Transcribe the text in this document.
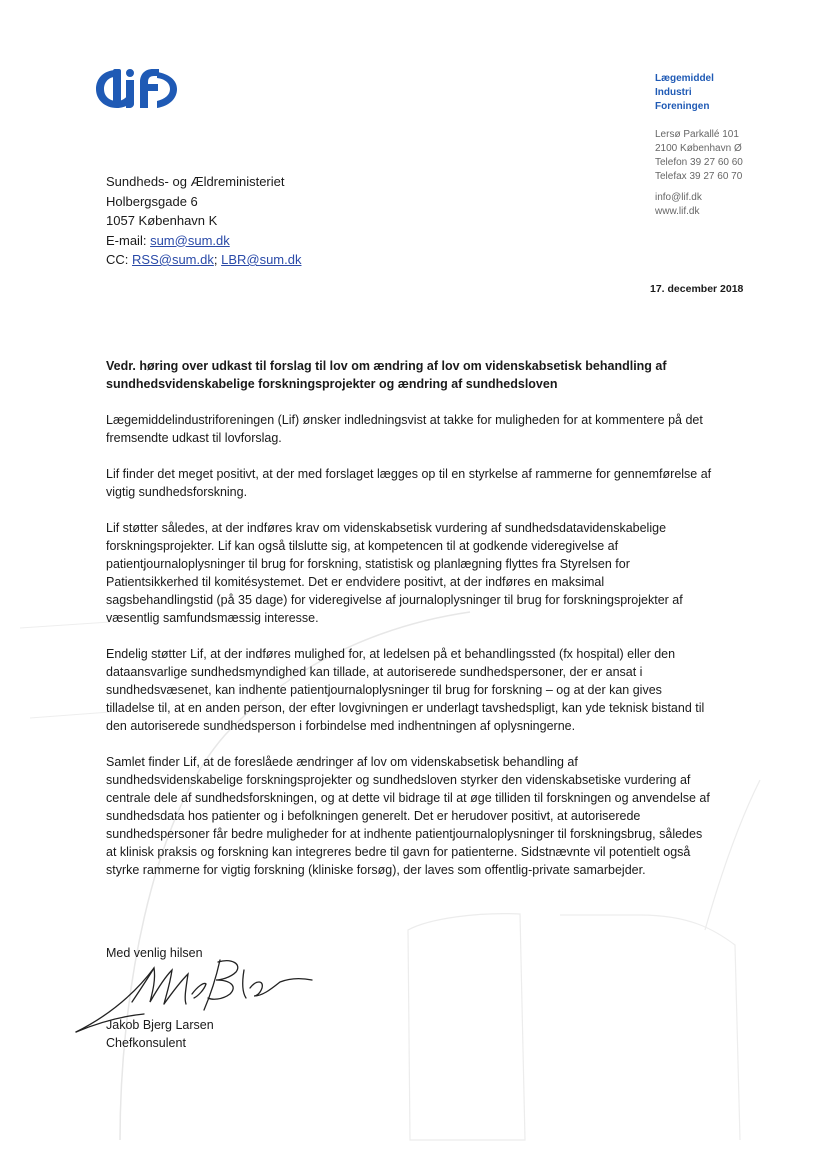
Lægemiddel
Industri
Foreningen
Lersø Parkallé 101
2100 København Ø
Telefon 39 27 60 60
Telefax 39 27 60 70
info@lif.dk
www.lif.dk
Sundheds- og Ældreministeriet
Holbergsgade 6
1057 København K
E-mail: sum@sum.dk
CC: RSS@sum.dk; LBR@sum.dk
17. december 2018

Vedr. høring over udkast til forslag til lov om ændring af lov om videnskabsetisk behandling af sundhedsvidenskabelige forskningsprojekter og ændring af sundhedsloven

Lægemiddelindustriforeningen (Lif) ønsker indledningsvist at takke for muligheden for at kommentere på det fremsendte udkast til lovforslag.

Lif finder det meget positivt, at der med forslaget lægges op til en styrkelse af rammerne for gennemførelse af vigtig sundhedsforskning.

Lif støtter således, at der indføres krav om videnskabsetisk vurdering af sundhedsdatavidenskabelige forskningsprojekter. Lif kan også tilslutte sig, at kompetencen til at godkende videregivelse af patientjournaloplysninger til brug for forskning, statistisk og planlægning flyttes fra Styrelsen for Patientsikkerhed til komitésystemet. Det er endvidere positivt, at der indføres en maksimal sagsbehandlingstid (på 35 dage) for videregivelse af journaloplysninger til brug for forskningsprojekter af væsentlig samfundsmæssig interesse.

Endelig støtter Lif, at der indføres mulighed for, at ledelsen på et behandlingssted (fx hospital) eller den dataansvarlige sundhedsmyndighed kan tillade, at autoriserede sundhedspersoner, der er ansat i sundhedsvæsenet, kan indhente patientjournaloplysninger til brug for forskning – og at der kan gives tilladelse til, at en anden person, der efter lovgivningen er underlagt tavshedspligt, kan yde teknisk bistand til den autoriserede sundhedsperson i forbindelse med indhentningen af oplysningerne.

Samlet finder Lif, at de foreslåede ændringer af lov om videnskabsetisk behandling af sundhedsvidenskabelige forskningsprojekter og sundhedsloven styrker den videnskabsetiske vurdering af centrale dele af sundhedsforskningen, og at dette vil bidrage til at øge tilliden til forskningen og anvendelse af sundhedsdata hos patienter og i befolkningen generelt. Det er herudover positivt, at autoriserede sundhedspersoner får bedre muligheder for at indhente patientjournaloplysninger til forskningsbrug, således at klinisk praksis og forskning kan integreres bedre til gavn for patienterne. Sidstnævnte vil potentielt også styrke rammerne for vigtig forskning (kliniske forsøg), der laves som offentlig-private samarbejder.

Med venlig hilsen
Jakob Bjerg Larsen
Chefkonsulent
